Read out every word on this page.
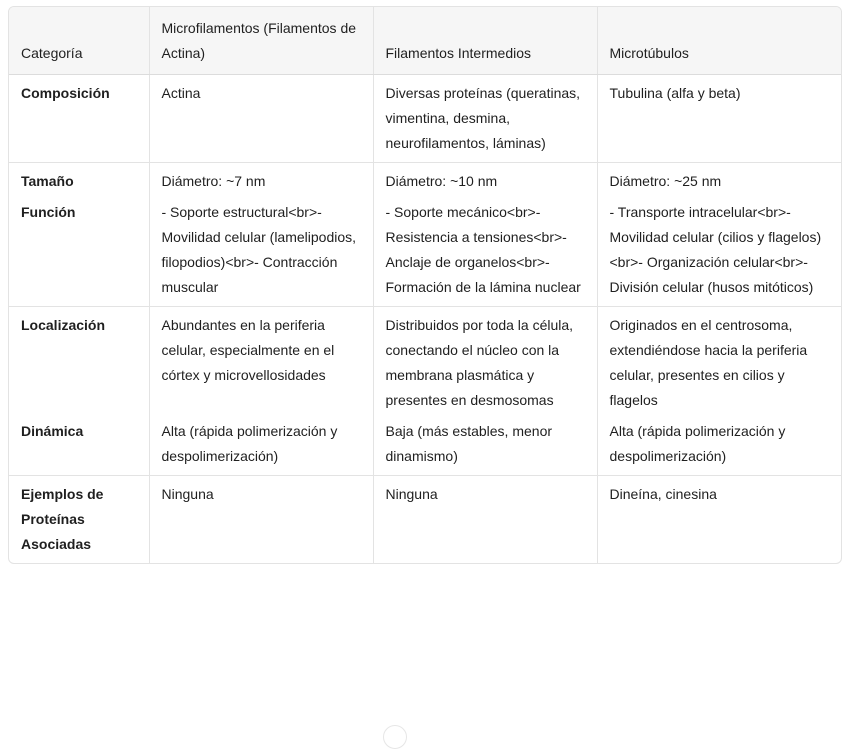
Categoría	Microfilamentos (Filamentos de Actina)	Filamentos Intermedios	Microtúbulos
Composición	Actina	Diversas proteínas (queratinas, vimentina, desmina, neurofilamentos, láminas)	Tubulina (alfa y beta)
Tamaño	Diámetro: ~7 nm	Diámetro: ~10 nm	Diámetro: ~25 nm
Función	- Soporte estructural<br>- Movilidad celular (lamelipodios, filopodios)<br>- Contracción muscular	- Soporte mecánico<br>- Resistencia a tensiones<br>- Anclaje de organelos<br>- Formación de la lámina nuclear	- Transporte intracelular<br>- Movilidad celular (cilios y flagelos)<br>- Organización celular<br>- División celular (husos mitóticos)
Localización	Abundantes en la periferia celular, especialmente en el córtex y microvellosidades	Distribuidos por toda la célula, conectando el núcleo con la membrana plasmática y presentes en desmosomas	Originados en el centrosoma, extendiéndose hacia la periferia celular, presentes en cilios y flagelos
Dinámica	Alta (rápida polimerización y despolimerización)	Baja (más estables, menor dinamismo)	Alta (rápida polimerización y despolimerización)
Ejemplos de Proteínas Asociadas	Ninguna	Ninguna	Dineína, cinesina
